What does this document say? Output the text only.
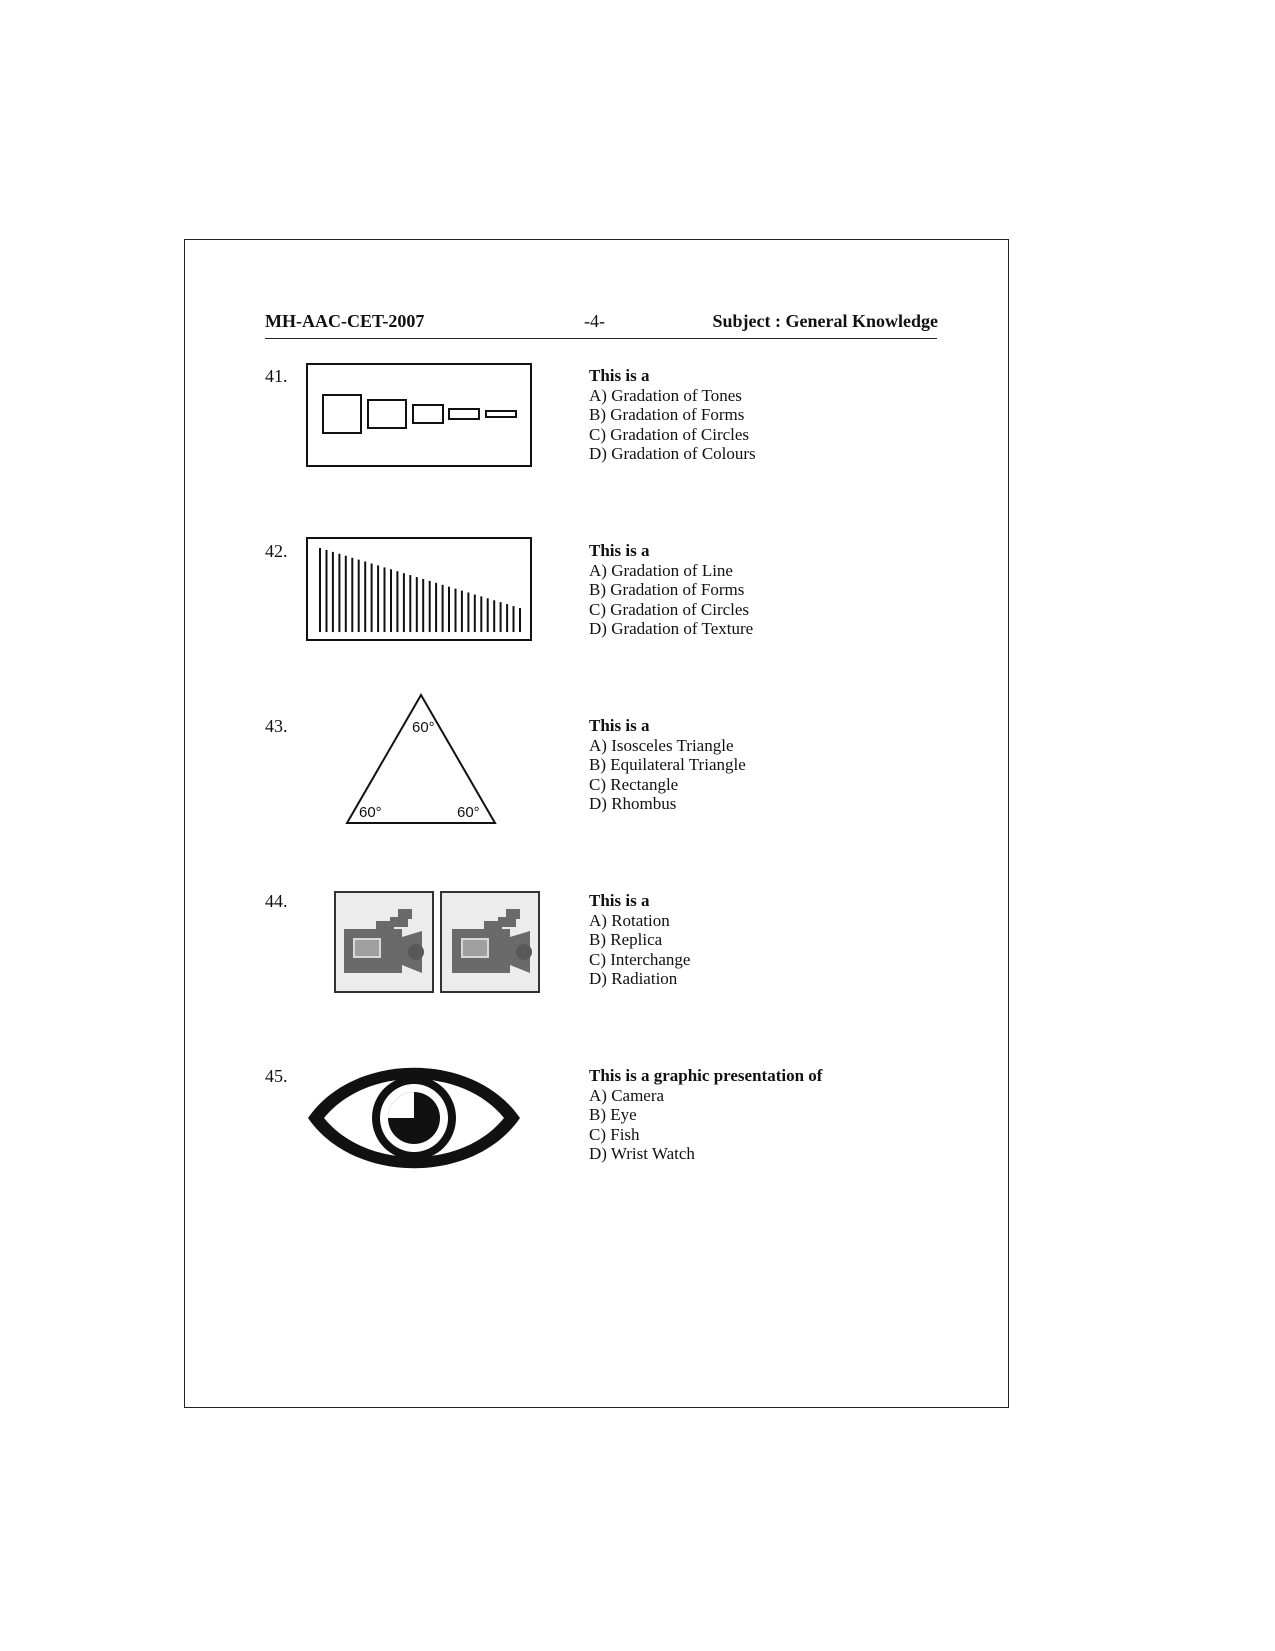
MH-AAC-CET-2007	-4-	Subject : General Knowledge
41.	This is a
A) Gradation of Tones
B) Gradation of Forms
C) Gradation of Circles
D) Gradation of Colours
42.	This is a
A) Gradation of Line
B) Gradation of Forms
C) Gradation of Circles
D) Gradation of Texture
43.	60°
60°	60°
This is a
A) Isosceles Triangle
B) Equilateral Triangle
C) Rectangle
D) Rhombus
44.	This is a
A) Rotation
B) Replica
C) Interchange
D) Radiation
45.	This is a graphic presentation of
A) Camera
B) Eye
C) Fish
D) Wrist Watch
